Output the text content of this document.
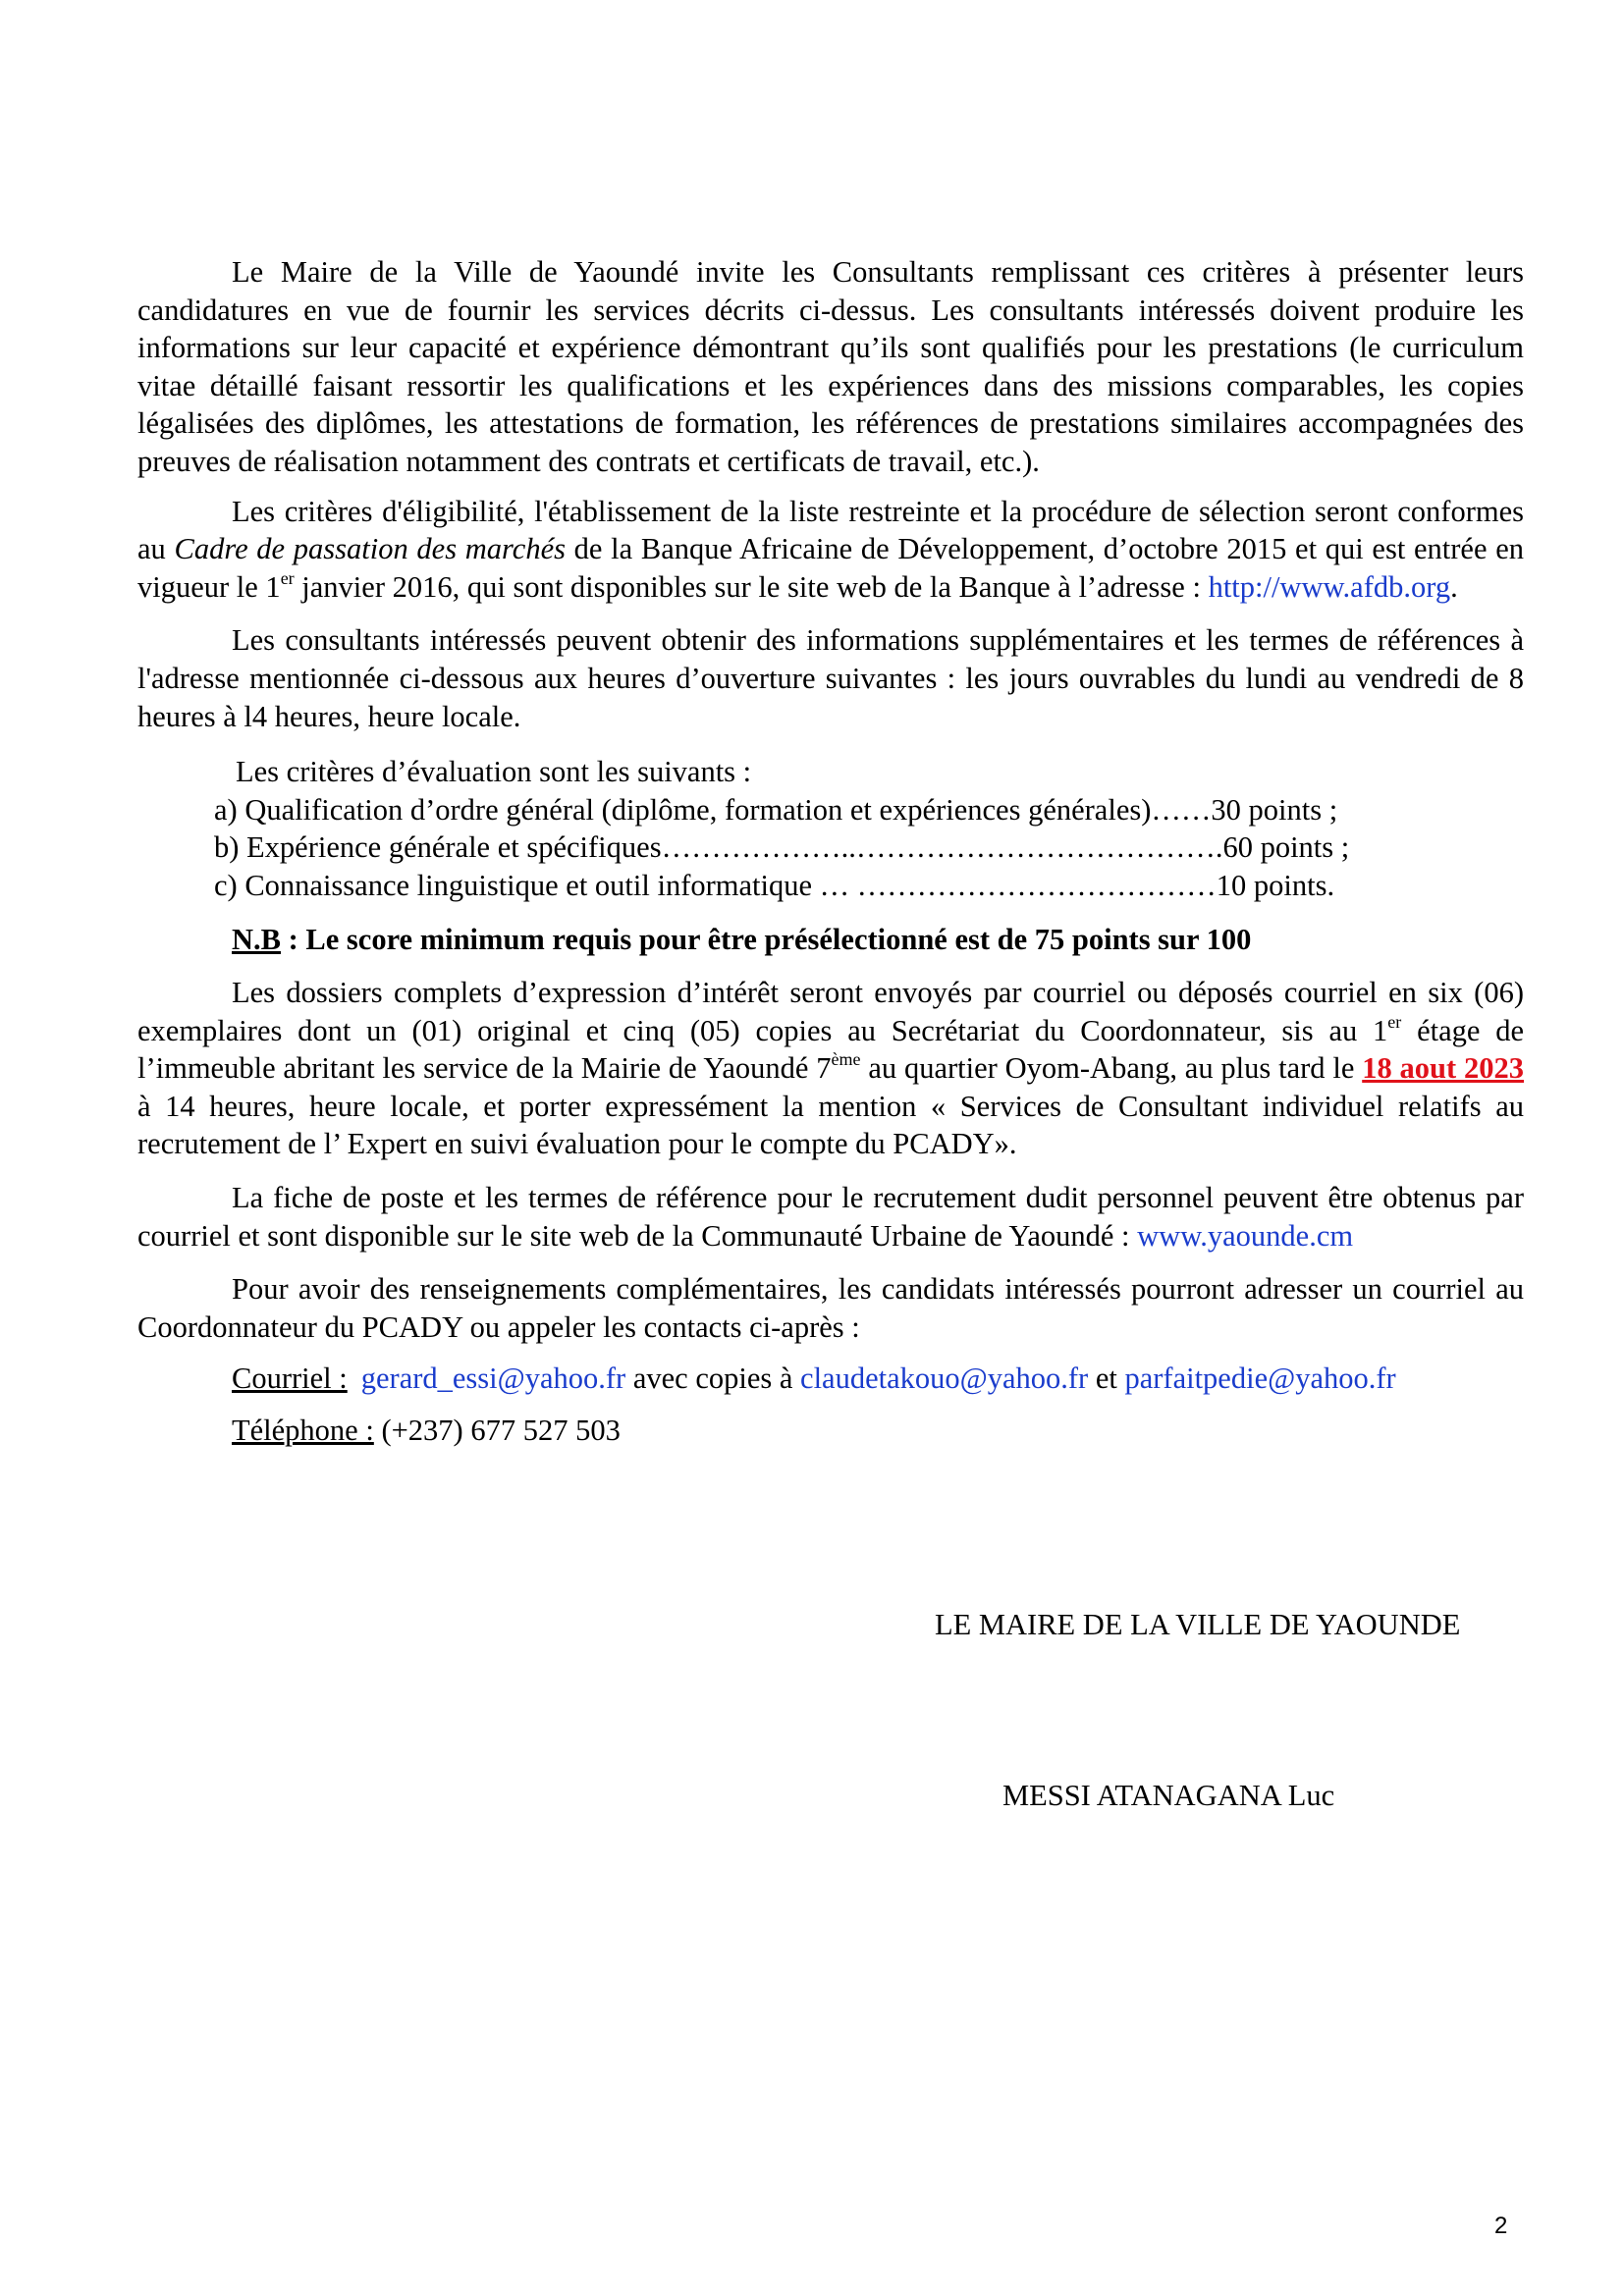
Le Maire de la Ville de Yaoundé invite les Consultants remplissant ces critères à présenter leurs candidatures en vue de fournir les services décrits ci-dessus. Les consultants intéressés doivent produire les informations sur leur capacité et expérience démontrant qu’ils sont qualifiés pour les prestations (le curriculum vitae détaillé faisant ressortir les qualifications et les expériences dans des missions comparables, les copies légalisées des diplômes, les attestations de formation, les références de prestations similaires accompagnées des preuves de réalisation notamment des contrats et certificats de travail, etc.).

Les critères d'éligibilité, l'établissement de la liste restreinte et la procédure de sélection seront conformes au Cadre de passation des marchés de la Banque Africaine de Développement, d’octobre 2015 et qui est entrée en vigueur le 1er janvier 2016, qui sont disponibles sur le site web de la Banque à l’adresse : http://www.afdb.org.

Les consultants intéressés peuvent obtenir des informations supplémentaires et les termes de références à l'adresse mentionnée ci-dessous aux heures d’ouverture suivantes : les jours ouvrables du lundi au vendredi de 8 heures à l4 heures, heure locale.

Les critères d’évaluation sont les suivants :
a) Qualification d’ordre général (diplôme, formation et expériences générales)……30 points ;
b) Expérience générale et spécifiques………………..……………………………….60 points ;
c) Connaissance linguistique et outil informatique … ………………………………10 points.

N.B : Le score minimum requis pour être présélectionné est de 75 points sur 100

Les dossiers complets d’expression d’intérêt seront envoyés par courriel ou déposés courriel en six (06) exemplaires dont un (01) original et cinq (05) copies au Secrétariat du Coordonnateur, sis au 1er étage de l’immeuble abritant les service de la Mairie de Yaoundé 7ème au quartier Oyom-Abang, au plus tard le 18 aout 2023 à 14 heures, heure locale, et porter expressément la mention « Services de Consultant individuel relatifs au recrutement de l’ Expert en suivi évaluation pour le compte du PCADY».

La fiche de poste et les termes de référence pour le recrutement dudit personnel peuvent être obtenus par courriel et sont disponible sur le site web de la Communauté Urbaine de Yaoundé : www.yaounde.cm

Pour avoir des renseignements complémentaires, les candidats intéressés pourront adresser un courriel au Coordonnateur du PCADY ou appeler les contacts ci-après :

Courriel : gerard_essi@yahoo.fr avec copies à claudetakouo@yahoo.fr et parfaitpedie@yahoo.fr
Téléphone : (+237) 677 527 503
LE MAIRE DE LA VILLE DE YAOUNDE
MESSI ATANAGANA Luc
2
